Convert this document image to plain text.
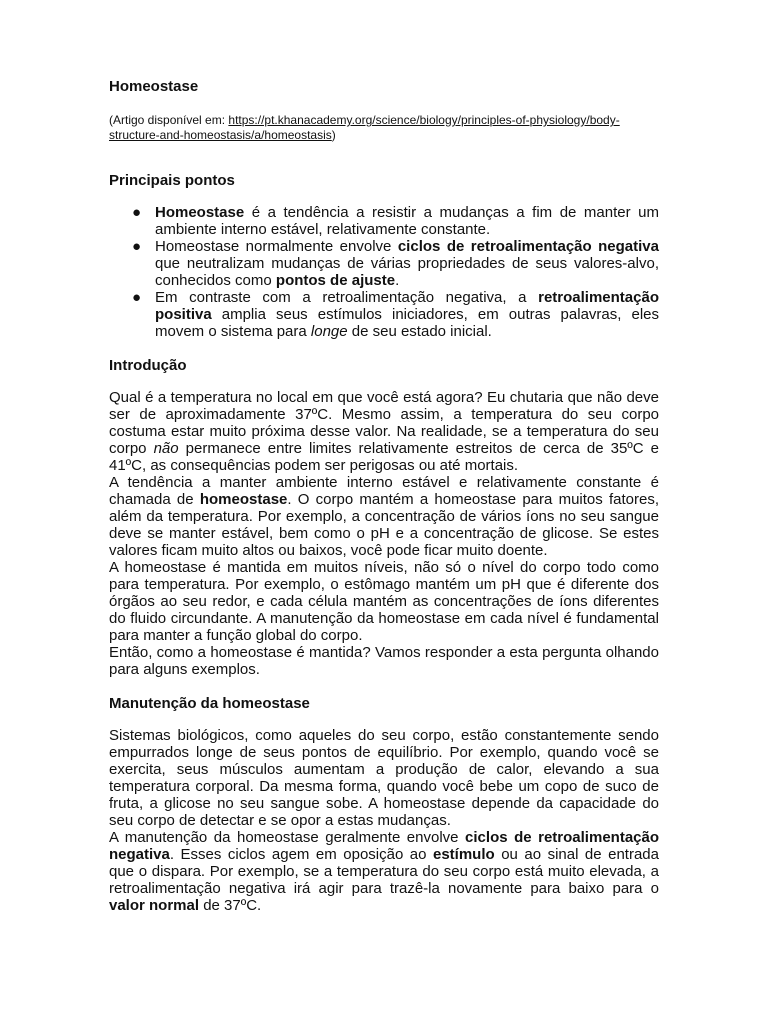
Homeostase

(Artigo disponível em: https://pt.khanacademy.org/science/biology/principles-of-physiology/body-structure-and-homeostasis/a/homeostasis)

Principais pontos

● Homeostase é a tendência a resistir a mudanças a fim de manter um ambiente interno estável, relativamente constante.
● Homeostase normalmente envolve ciclos de retroalimentação negativa que neutralizam mudanças de várias propriedades de seus valores-alvo, conhecidos como pontos de ajuste.
● Em contraste com a retroalimentação negativa, a retroalimentação positiva amplia seus estímulos iniciadores, em outras palavras, eles movem o sistema para longe de seu estado inicial.

Introdução

Qual é a temperatura no local em que você está agora? Eu chutaria que não deve ser de aproximadamente 37ºC. Mesmo assim, a temperatura do seu corpo costuma estar muito próxima desse valor. Na realidade, se a temperatura do seu corpo não permanece entre limites relativamente estreitos de cerca de 35ºC e 41ºC, as consequências podem ser perigosas ou até mortais.

A tendência a manter ambiente interno estável e relativamente constante é chamada de homeostase. O corpo mantém a homeostase para muitos fatores, além da temperatura. Por exemplo, a concentração de vários íons no seu sangue deve se manter estável, bem como o pH e a concentração de glicose. Se estes valores ficam muito altos ou baixos, você pode ficar muito doente.

A homeostase é mantida em muitos níveis, não só o nível do corpo todo como para temperatura. Por exemplo, o estômago mantém um pH que é diferente dos órgãos ao seu redor, e cada célula mantém as concentrações de íons diferentes do fluido circundante. A manutenção da homeostase em cada nível é fundamental para manter a função global do corpo.

Então, como a homeostase é mantida? Vamos responder a esta pergunta olhando para alguns exemplos.

Manutenção da homeostase

Sistemas biológicos, como aqueles do seu corpo, estão constantemente sendo empurrados longe de seus pontos de equilíbrio. Por exemplo, quando você se exercita, seus músculos aumentam a produção de calor, elevando a sua temperatura corporal. Da mesma forma, quando você bebe um copo de suco de fruta, a glicose no seu sangue sobe. A homeostase depende da capacidade do seu corpo de detectar e se opor a estas mudanças.

A manutenção da homeostase geralmente envolve ciclos de retroalimentação negativa. Esses ciclos agem em oposição ao estímulo ou ao sinal de entrada que o dispara. Por exemplo, se a temperatura do seu corpo está muito elevada, a retroalimentação negativa irá agir para trazê-la novamente para baixo para o valor normal de 37ºC.
